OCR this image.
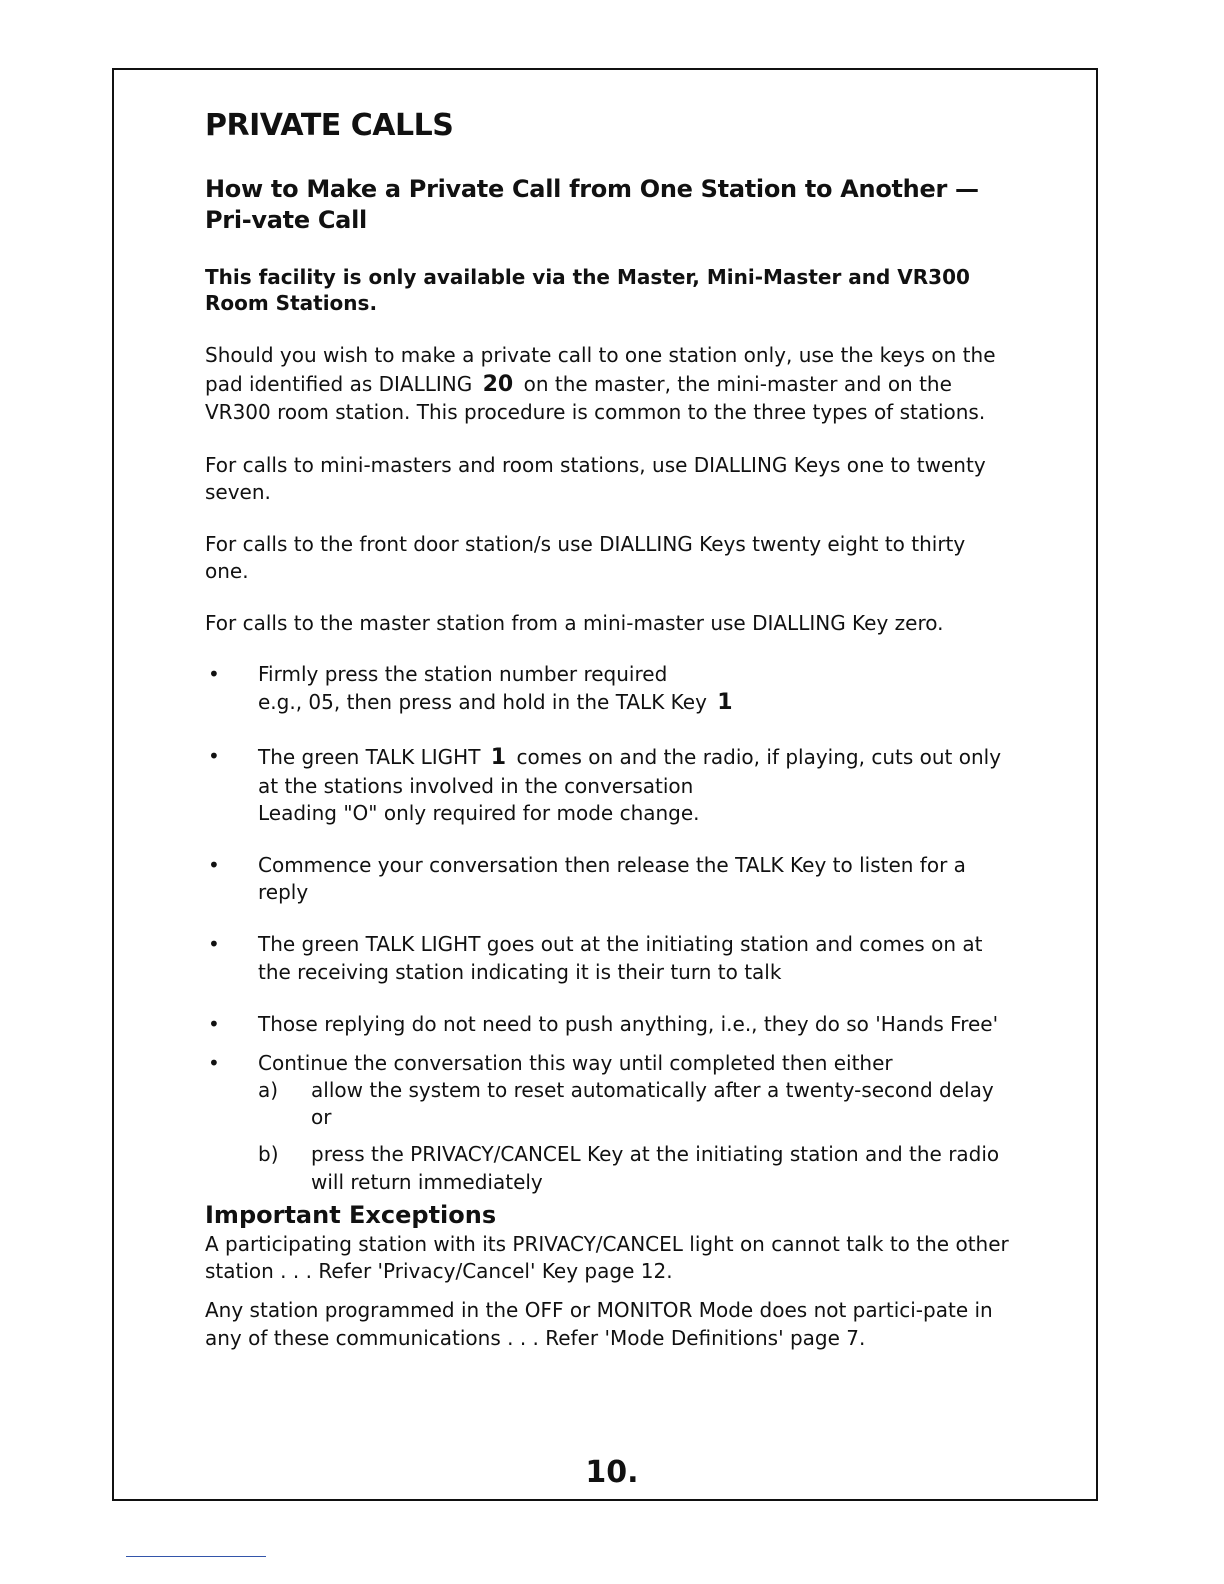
PRIVATE CALLS
How to Make a Private Call from One Station to Another — Pri-vate Call

This facility is only available via the Master, Mini-Master and VR300 Room Stations.

Should you wish to make a private call to one station only, use the keys on the pad identified as DIALLING 20 on the master, the mini-master and on the VR300 room station. This procedure is common to the three types of stations.

For calls to mini-masters and room stations, use DIALLING Keys one to twenty seven.

For calls to the front door station/s use DIALLING Keys twenty eight to thirty one.

For calls to the master station from a mini-master use DIALLING Key zero.

• Firmly press the station number required
e.g., 05, then press and hold in the TALK Key 1
• The green TALK LIGHT 1 comes on and the radio, if playing, cuts out only at the stations involved in the conversation
Leading "O" only required for mode change.
• Commence your conversation then release the TALK Key to listen for a reply
• The green TALK LIGHT goes out at the initiating station and comes on at the receiving station indicating it is their turn to talk
• Those replying do not need to push anything, i.e., they do so 'Hands Free'
• Continue the conversation this way until completed then either
a) allow the system to reset automatically after a twenty-second delay or
b) press the PRIVACY/CANCEL Key at the initiating station and the radio will return immediately
Important Exceptions

A participating station with its PRIVACY/CANCEL light on cannot talk to the other station . . . Refer 'Privacy/Cancel' Key page 12.

Any station programmed in the OFF or MONITOR Mode does not partici-pate in any of these communications . . . Refer 'Mode Definitions' page 7.

10.
